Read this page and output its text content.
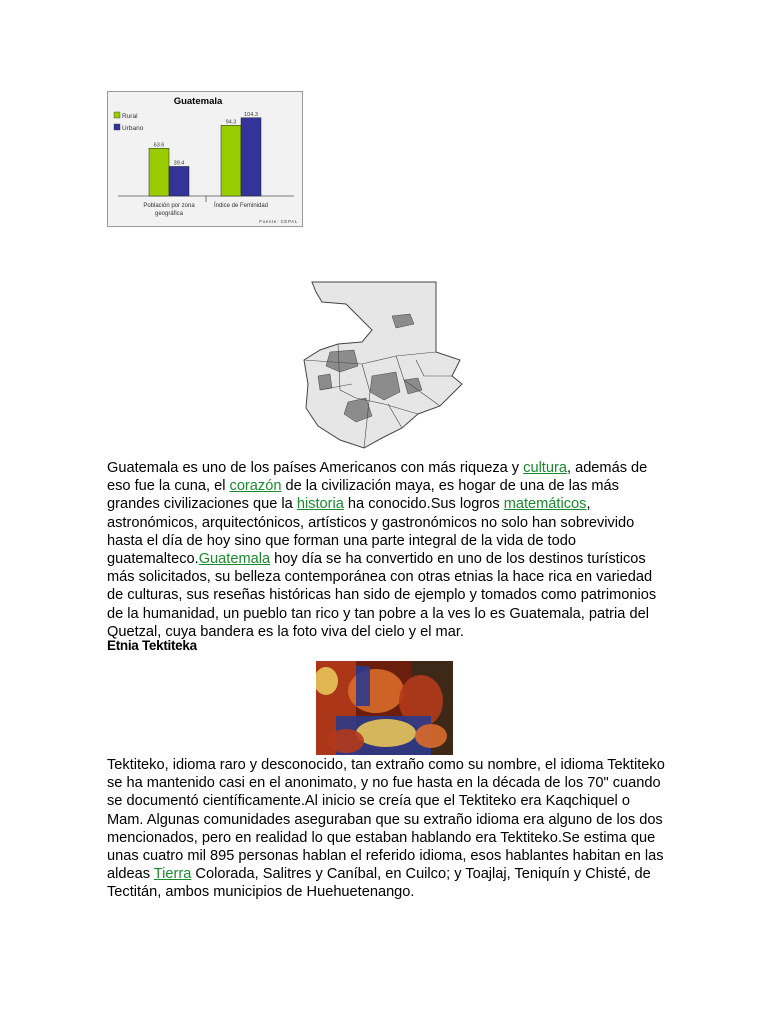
Guatemala
Rural
Urbano
63.6
39.4
94.3
104.3
Población por zona geográfica
Índice de Feminidad
Fuente: CEPAL

Guatemala es uno de los países Americanos con más riqueza y cultura, además de eso fue la cuna, el corazón de la civilización maya, es hogar de una de las más grandes civilizaciones que la historia ha conocido.Sus logros matemáticos, astronómicos, arquitectónicos, artísticos y gastronómicos no solo han sobrevivido hasta el día de hoy sino que forman una parte integral de la vida de todo guatemalteco.Guatemala hoy día se ha convertido en uno de los destinos turísticos más solicitados, su belleza contemporánea con otras etnias la hace rica en variedad de culturas, sus reseñas históricas han sido de ejemplo y tomados como patrimonios de la humanidad, un pueblo tan rico y tan pobre a la ves lo es Guatemala, patria del Quetzal, cuya bandera es la foto viva del cielo y el mar.

Etnia Tektiteka

Tektiteko, idioma raro y desconocido, tan extraño como su nombre, el idioma Tektiteko se ha mantenido casi en el anonimato, y no fue hasta en la década de los 70" cuando se documentó científicamente.Al inicio se creía que el Tektiteko era Kaqchiquel o Mam. Algunas comunidades aseguraban que su extraño idioma era alguno de los dos mencionados, pero en realidad lo que estaban hablando era Tektiteko.Se estima que unas cuatro mil 895 personas hablan el referido idioma, esos hablantes habitan en las aldeas Tierra Colorada, Salitres y Caníbal, en Cuilco; y Toajlaj, Teniquín y Chisté, de Tectitán, ambos municipios de Huehuetenango.
